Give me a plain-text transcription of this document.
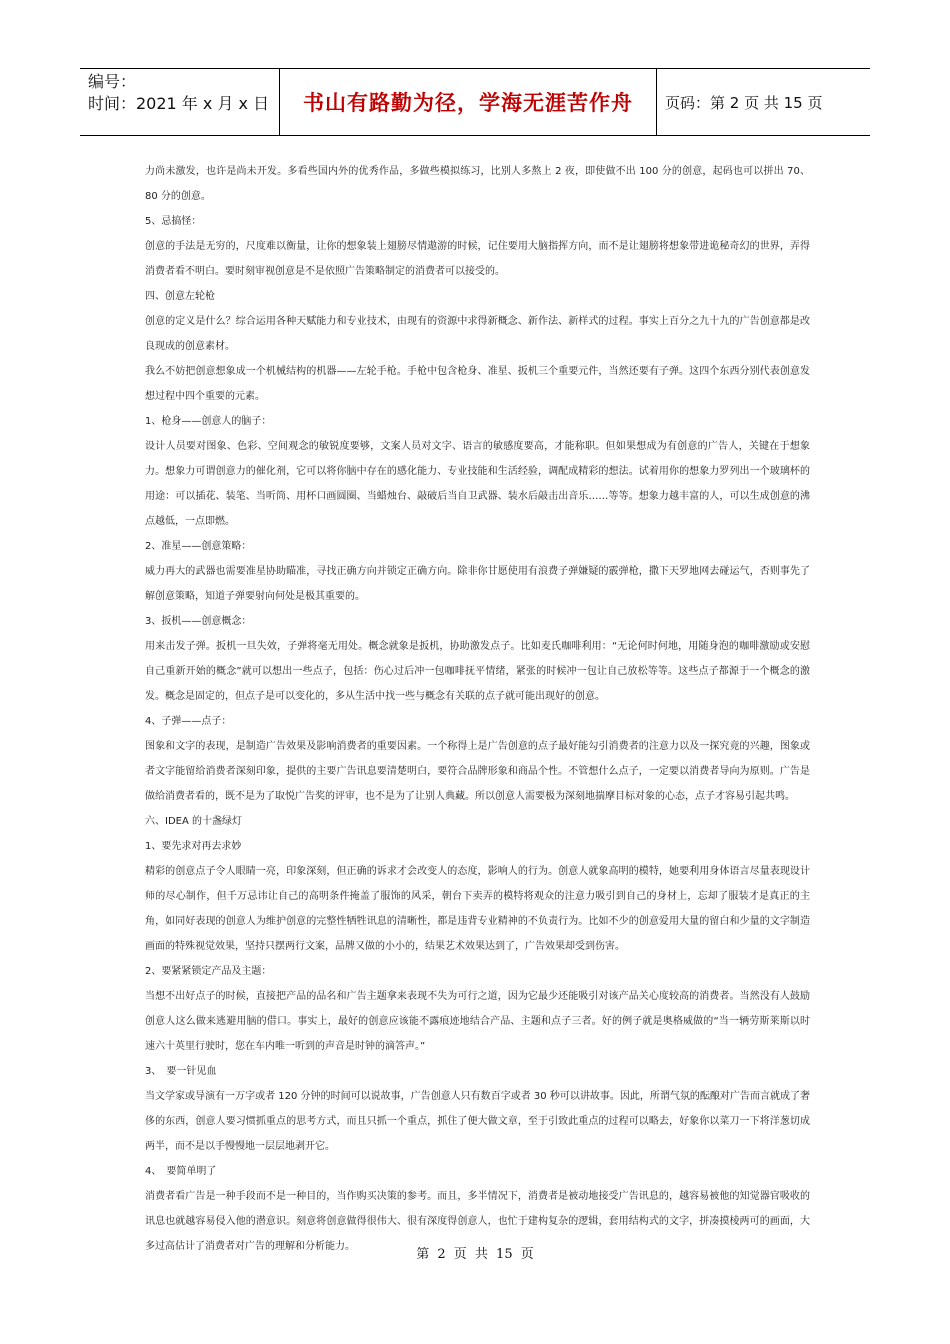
编号：
时间：2021 年 x 月 x 日	书山有路勤为径，学海无涯苦作舟	页码：第 2 页 共 15 页

力尚未激发，也许是尚未开发。多看些国内外的优秀作品，多做些模拟练习，比别人多熬上 2 夜，即使做不出 100 分的创意，起码也可以拼出 70、80 分的创意。

5、忌搞怪：

创意的手法是无穷的，尺度难以衡量，让你的想象装上翅膀尽情遨游的时候，记住要用大脑指挥方向，而不是让翅膀将想象带进诡秘奇幻的世界，弄得消费者看不明白。要时刻审视创意是不是依照广告策略制定的消费者可以接受的。

四、创意左轮枪

创意的定义是什么？综合运用各种天赋能力和专业技术，由现有的资源中求得新概念、新作法、新样式的过程。事实上百分之九十九的广告创意都是改良现成的创意素材。

我么不妨把创意想象成一个机械结构的机器——左轮手枪。手枪中包含枪身、准星、扳机三个重要元件，当然还要有子弹。这四个东西分别代表创意发想过程中四个重要的元素。

1、枪身——创意人的脑子：

设计人员要对图象、色彩、空间观念的敏锐度要够，文案人员对文字、语言的敏感度要高，才能称职。但如果想成为有创意的广告人，关键在于想象力。想象力可谓创意力的催化剂，它可以将你脑中存在的感化能力、专业技能和生活经验，调配成精彩的想法。试着用你的想象力罗列出一个玻璃杯的用途：可以插花、装笔、当听筒、用杯口画圆圈、当蜡烛台、敲破后当自卫武器、装水后敲击出音乐……等等。想象力越丰富的人，可以生成创意的沸点越低，一点即燃。

2、准星——创意策略：

威力再大的武器也需要准星协助瞄准，寻找正确方向并锁定正确方向。除非你甘愿使用有浪费子弹嫌疑的霰弹枪，撒下天罗地网去碰运气，否则事先了解创意策略，知道子弹要射向何处是极其重要的。

3、扳机——创意概念：

用来击发子弹。扳机一旦失效，子弹将毫无用处。概念就象是扳机，协助激发点子。比如麦氏咖啡利用：“无论何时何地，用随身泡的咖啡激励或安慰自己重新开始的概念”就可以想出一些点子，包括：伤心过后冲一包咖啡抚平情绪，紧张的时候冲一包让自己放松等等。这些点子都源于一个概念的激发。概念是固定的，但点子是可以变化的，多从生活中找一些与概念有关联的点子就可能出现好的创意。

4、子弹——点子：

图象和文字的表现，是制造广告效果及影响消费者的重要因素。一个称得上是广告创意的点子最好能勾引消费者的注意力以及一探究竟的兴趣，图象或者文字能留给消费者深刻印象，提供的主要广告讯息要清楚明白，要符合品牌形象和商品个性。不管想什么点子，一定要以消费者导向为原则。广告是做给消费者看的，既不是为了取悦广告奖的评审，也不是为了让别人典藏。所以创意人需要极为深刻地揣摩目标对象的心态，点子才容易引起共鸣。

六、IDEA 的十盏绿灯

1、要先求对再去求妙

精彩的创意点子令人眼睛一亮，印象深刻，但正确的诉求才会改变人的态度，影响人的行为。创意人就象高明的模特，她要利用身体语言尽量表现设计师的尽心制作，但千万忌讳让自己的高明条件掩盖了服饰的风采，朝台下卖弄的模特将观众的注意力吸引到自己的身材上，忘却了服装才是真正的主角，如同好表现的创意人为维护创意的完整性牺牲讯息的清晰性，都是违背专业精神的不负责行为。比如不少的创意爱用大量的留白和少量的文字制造画面的特殊视觉效果，坚持只摆两行文案，品牌又做的小小的，结果艺术效果达到了，广告效果却受到伤害。

2、要紧紧锁定产品及主题：

当想不出好点子的时候，直接把产品的品名和广告主题拿来表现不失为可行之道，因为它最少还能吸引对该产品关心度较高的消费者。当然没有人鼓励创意人这么做来逃避用脑的借口。事实上，最好的创意应该能不露痕迹地结合产品、主题和点子三者。好的例子就是奥格威做的“当一辆劳斯莱斯以时速六十英里行驶时，您在车内唯一听到的声音是时钟的滴答声。”

3、　要一针见血

当文学家或导演有一万字或者 120 分钟的时间可以说故事，广告创意人只有数百字或者 30 秒可以讲故事。因此，所谓气氛的酝酿对广告而言就成了奢侈的东西，创意人要习惯抓重点的思考方式，而且只抓一个重点，抓住了便大做文章，至于引致此重点的过程可以略去，好象你以菜刀一下将洋葱切成两半，而不是以手慢慢地一层层地剥开它。

4、　要简单明了

消费者看广告是一种手段而不是一种目的，当作购买决策的参考。而且，多半情况下，消费者是被动地接受广告讯息的，越容易被他的知觉器官吸收的讯息也就越容易侵入他的潜意识。刻意将创意做得很伟大、很有深度得创意人，也忙于建构复杂的逻辑，套用结构式的文字，拼凑摸棱两可的画面，大多过高估计了消费者对广告的理解和分析能力。

第 2 页 共 15 页
